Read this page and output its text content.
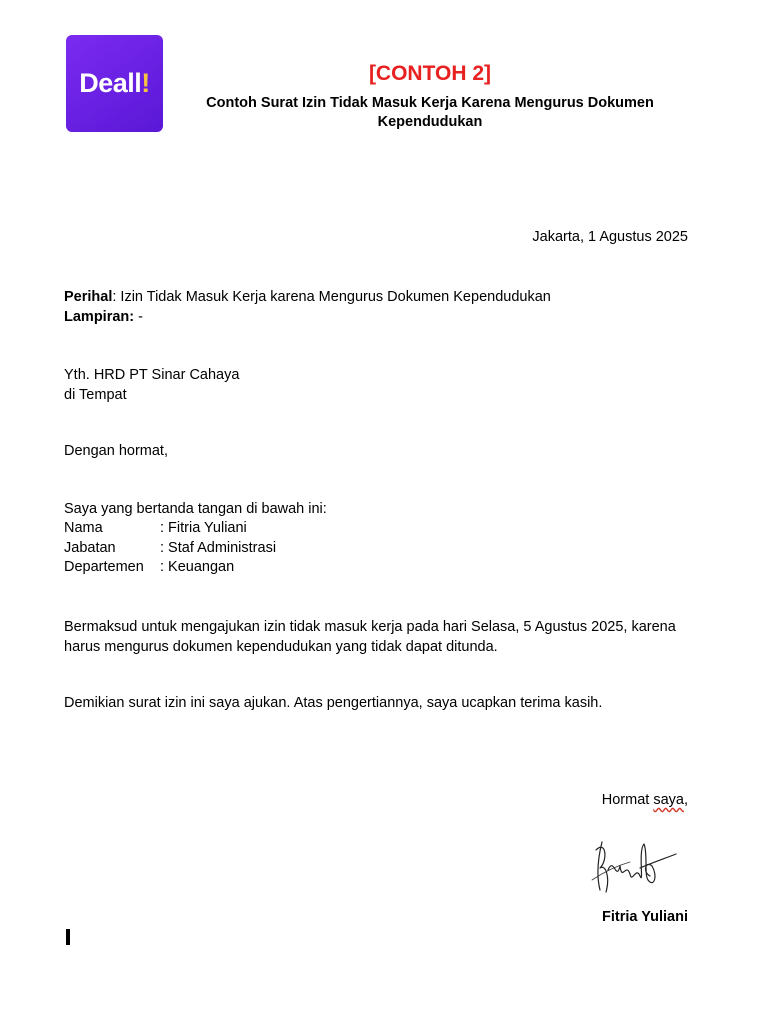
Deall !	[CONTOH 2]
Contoh Surat Izin Tidak Masuk Kerja Karena Mengurus Dokumen Kependudukan
Jakarta, 1 Agustus 2025
Perihal: Izin Tidak Masuk Kerja karena Mengurus Dokumen Kependudukan
Lampiran: -
Yth. HRD PT Sinar Cahaya
di Tempat
Dengan hormat,
Saya yang bertanda tangan di bawah ini:
Nama	: Fitria Yuliani
Jabatan	: Staf Administrasi
Departemen	: Keuangan
Bermaksud untuk mengajukan izin tidak masuk kerja pada hari Selasa, 5 Agustus 2025, karena harus mengurus dokumen kependudukan yang tidak dapat ditunda.
Demikian surat izin ini saya ajukan. Atas pengertiannya, saya ucapkan terima kasih.
Hormat saya,
Fitria Yuliani
